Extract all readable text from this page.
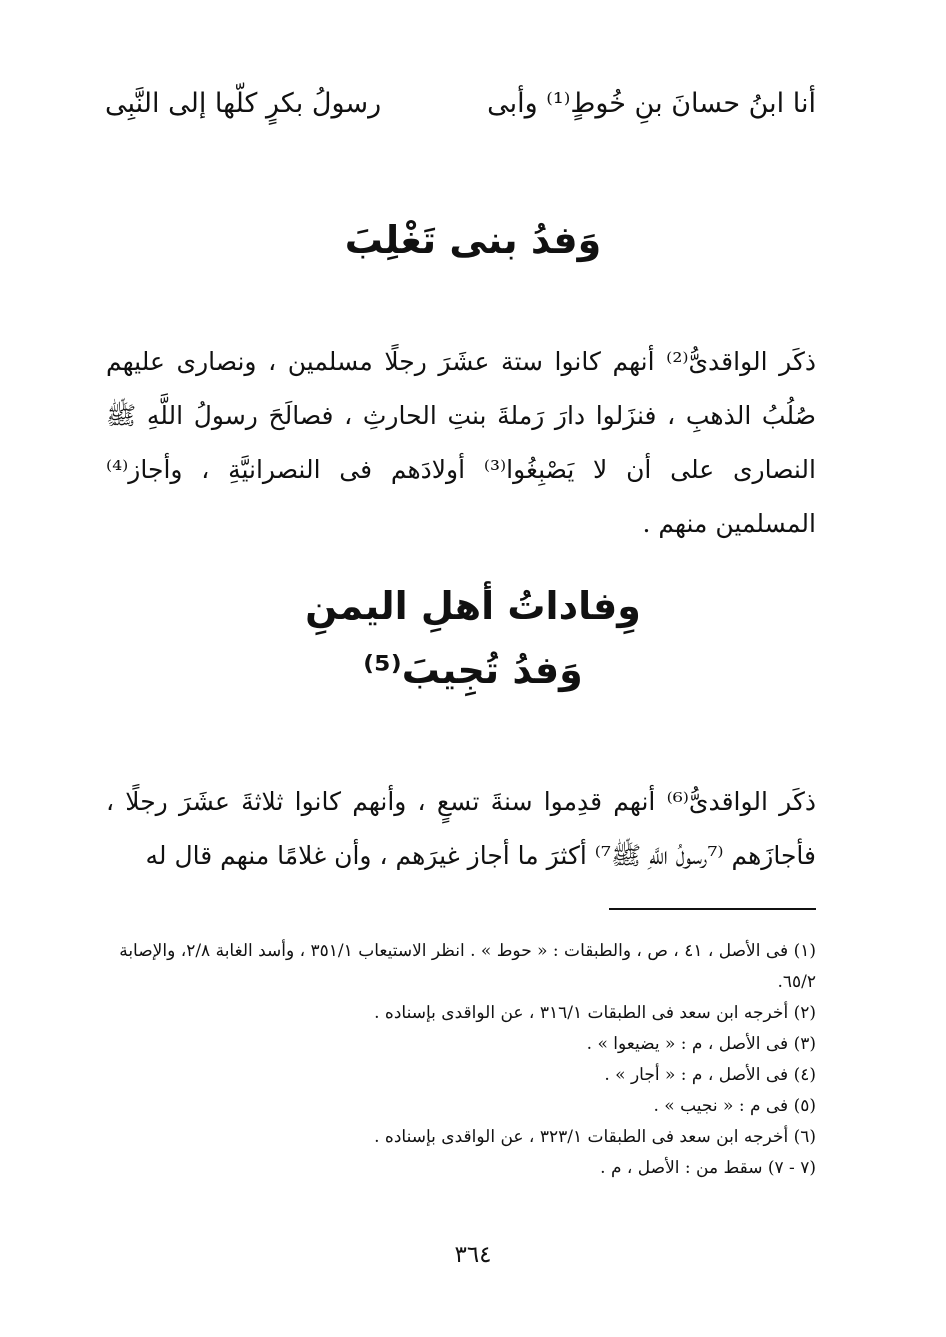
أنا ابنُ حسانَ بنِ خُوطٍ⁽¹⁾ وأبى
رسولُ بكرٍ كلّها إلى النَّبِى
وَفدُ بنى تَغْلِبَ

ذكَر الواقدىُّ⁽²⁾ أنهم كانوا ستة عشَرَ رجلًا مسلمين ، ونصارى عليهم صُلُبُ الذهبِ ، فنزَلوا دارَ رَملةَ بنتِ الحارثِ ، فصالَحَ رسولُ اللَّهِ ﷺ النصارى على أن لا يَصْبِغُوا⁽³⁾ أولادَهم فى النصرانيَّةِ ، وأجاز⁽⁴⁾ المسلمين منهم .

وِفاداتُ أهلِ اليمنِ
وَفدُ تُجِيبَ⁽⁵⁾

ذكَر الواقدىُّ⁽⁶⁾ أنهم قدِموا سنةَ تسعٍ ، وأنهم كانوا ثلاثةَ عشَرَ رجلًا ، فأجازَهم ⁽⁷رسولُ اللَّهِ ﷺ⁷⁾ أكثرَ ما أجاز غيرَهم ، وأن غلامًا منهم قال له

(١) فى الأصل ، ٤١ ، ص ، والطبقات : « حوط » . انظر الاستيعاب ٣٥١/١ ، وأسد الغابة ٢/٨، والإصابة ٦٥/٢.

(٢) أخرجه ابن سعد فى الطبقات ٣١٦/١ ، عن الواقدى بإسناده .

(٣) فى الأصل ، م : « يضيعوا » .

(٤) فى الأصل ، م : « أجار » .

(٥) فى م : « نجيب » .

(٦) أخرجه ابن سعد فى الطبقات ٣٢٣/١ ، عن الواقدى بإسناده .

(٧ - ٧) سقط من : الأصل ، م .

٣٦٤
